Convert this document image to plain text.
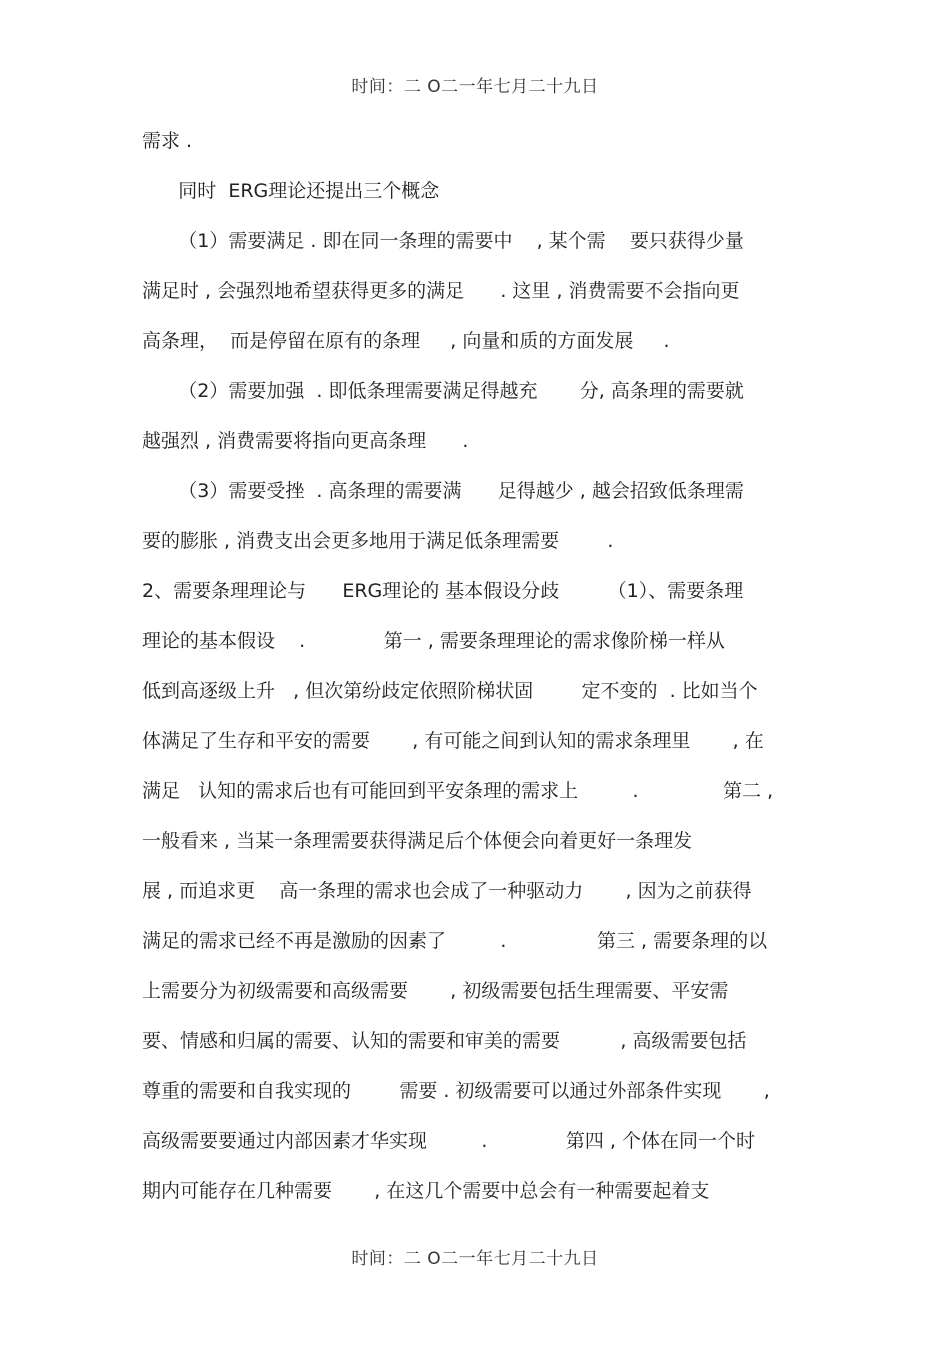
时间：二 O二一年七月二十九日
需求 .
同时  ERG理论还提出三个概念
（1）需要满足 . 即在同一条理的需要中    , 某个需    要只获得少量
满足时 , 会强烈地希望获得更多的满足      . 这里 , 消费需要不会指向更
高条理，  而是停留在原有的条理     , 向量和质的方面发展     .
（2）需要加强  . 即低条理需要满足得越充       分, 高条理的需要就
越强烈 , 消费需要将指向更高条理      .
（3）需要受挫  . 高条理的需要满      足得越少 , 越会招致低条理需
要的膨胀 , 消费支出会更多地用于满足低条理需要        .
2、需要条理理论与      ERG理论的 基本假设分歧        （1）、需要条理
理论的基本假设    .             第一 , 需要条理理论的需求像阶梯一样从
低到高逐级上升   , 但次第纷歧定依照阶梯状固        定不变的  . 比如当个
体满足了生存和平安的需要       , 有可能之间到认知的需求条理里       , 在
满足   认知的需求后也有可能回到平安条理的需求上         .              第二 ,
一般看来 , 当某一条理需要获得满足后个体便会向着更好一条理发
展 , 而追求更    高一条理的需求也会成了一种驱动力       , 因为之前获得
满足的需求已经不再是激励的因素了         .               第三 , 需要条理的以
上需要分为初级需要和高级需要       , 初级需要包括生理需要、平安需
要、情感和归属的需要、认知的需要和审美的需要          , 高级需要包括
尊重的需要和自我实现的        需要 . 初级需要可以通过外部条件实现       ,
高级需要要通过内部因素才华实现         .             第四 , 个体在同一个时
期内可能存在几种需要       , 在这几个需要中总会有一种需要起着支
时间：二 O二一年七月二十九日
